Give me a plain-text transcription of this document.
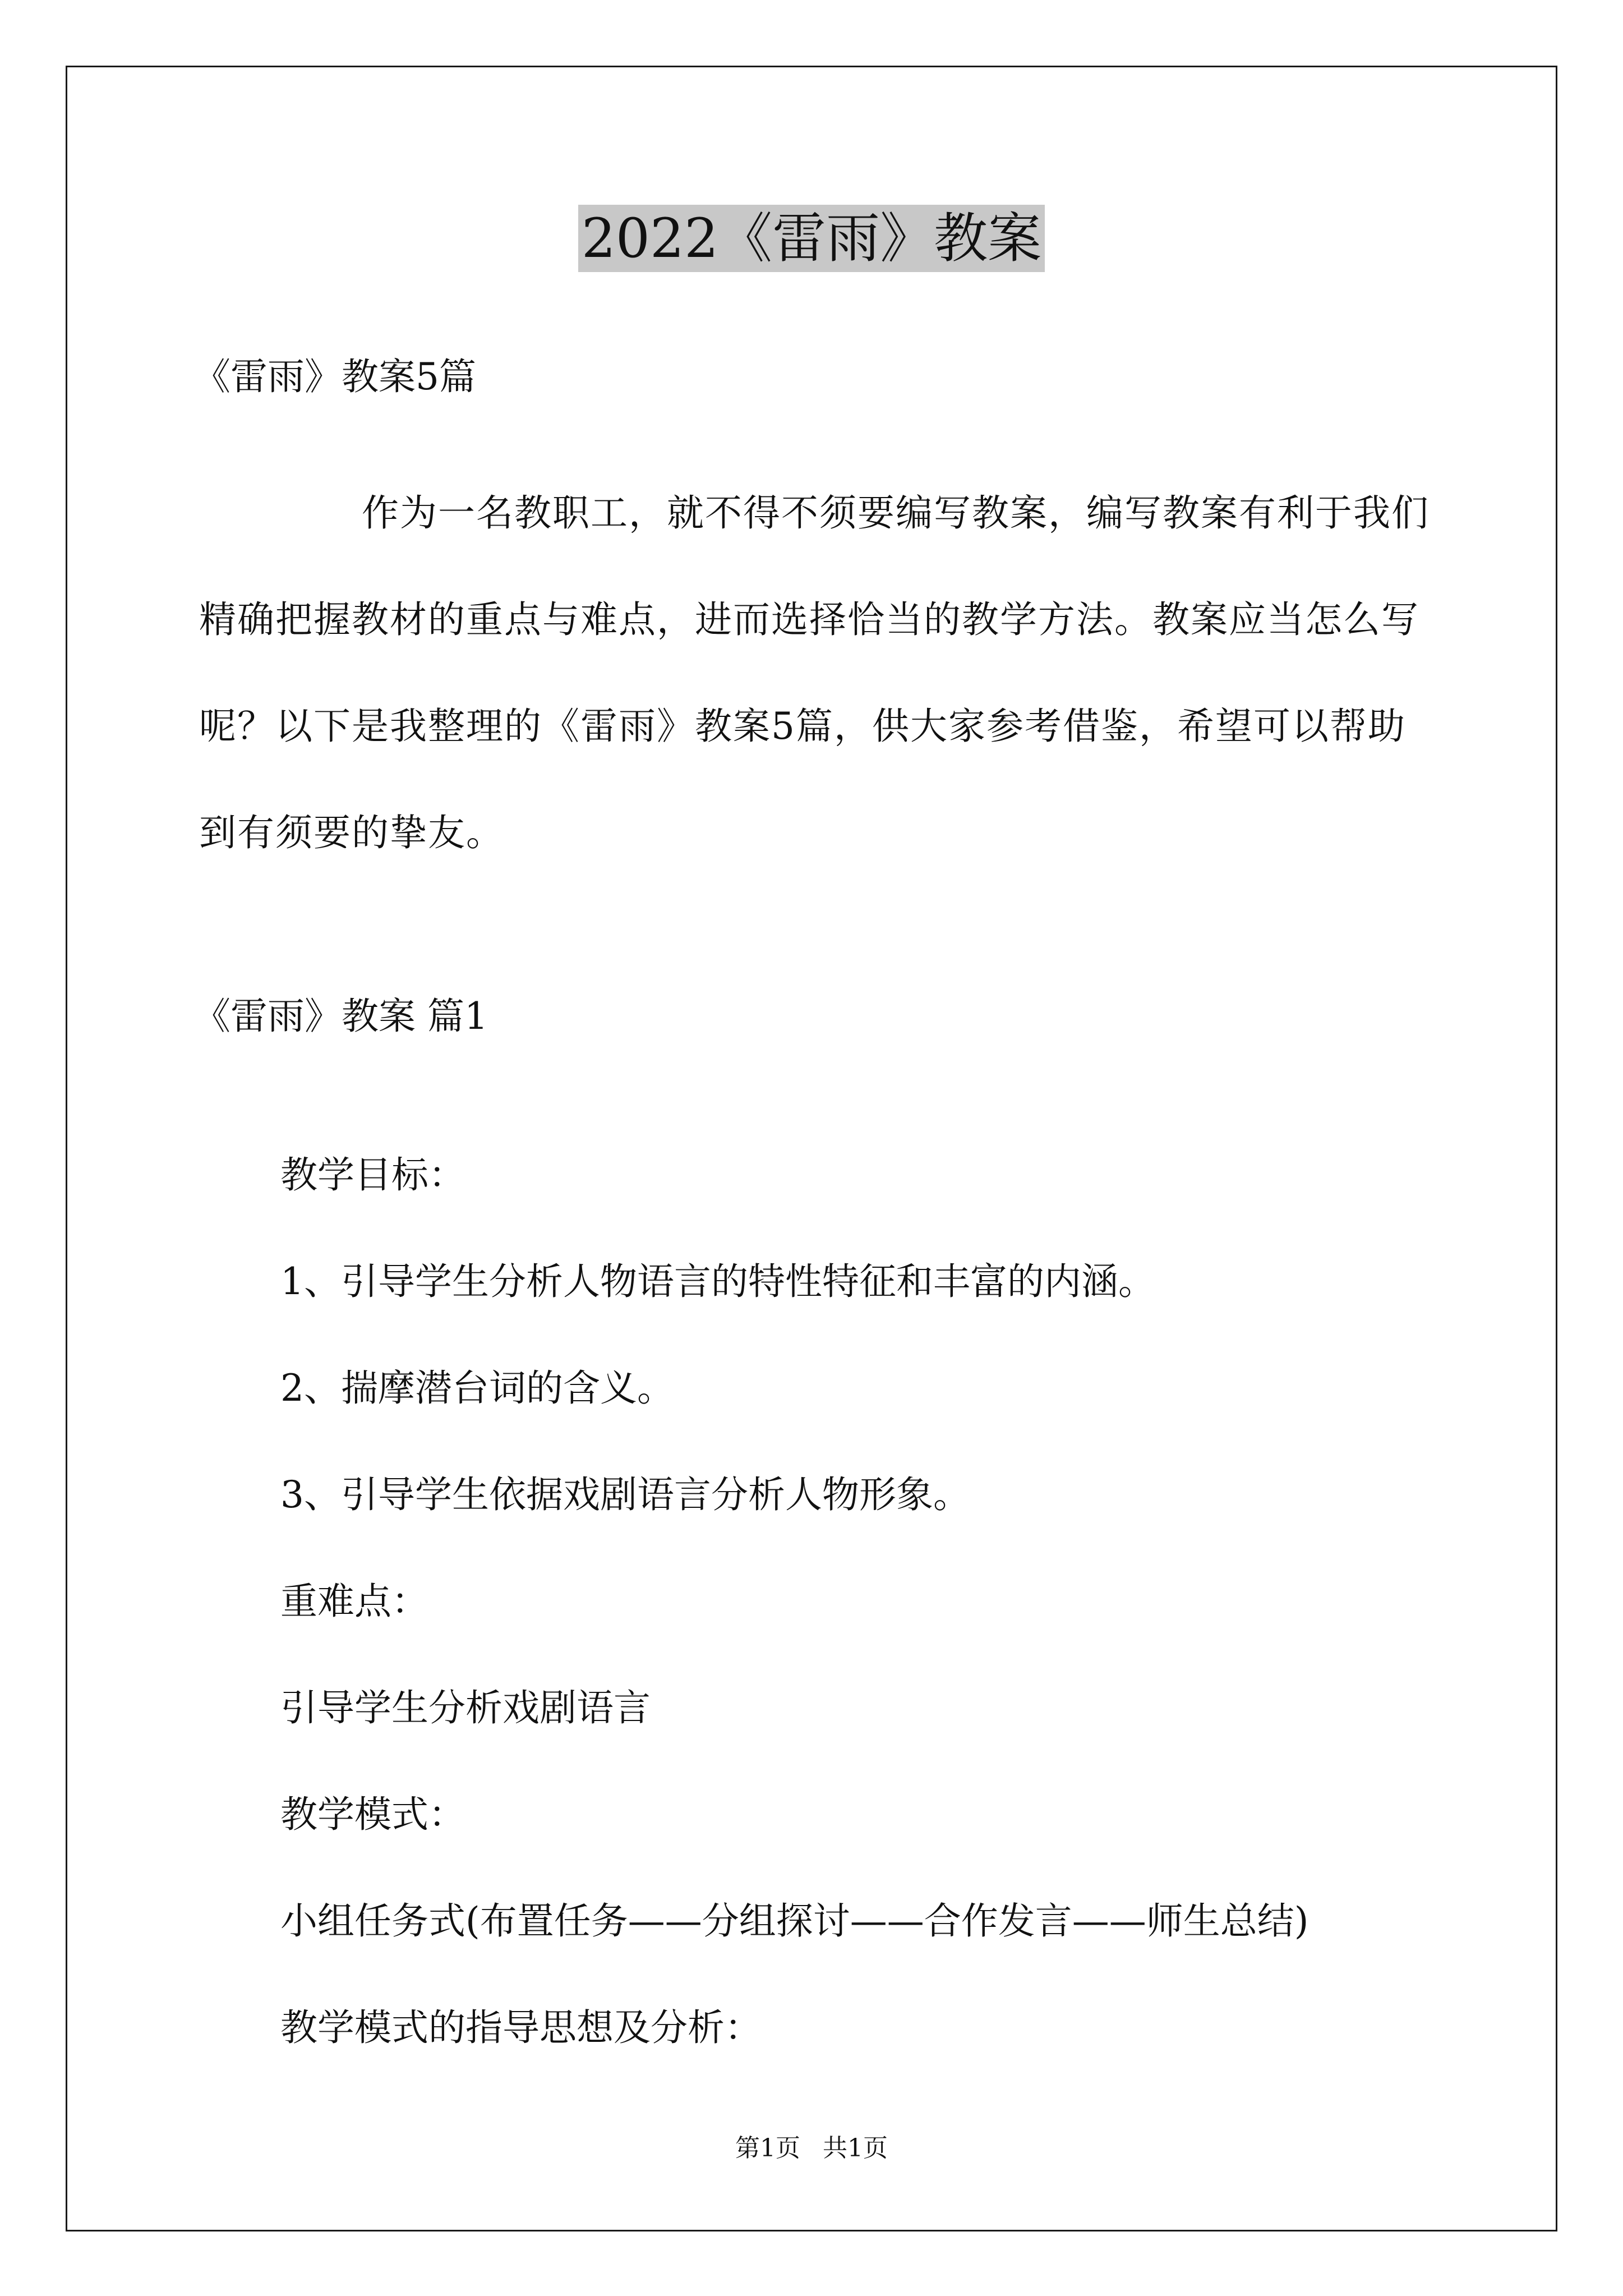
2022《雷雨》教案

《雷雨》教案5篇

作为一名教职工，就不得不须要编写教案，编写教案有利于我们精确把握教材的重点与难点，进而选择恰当的教学方法。教案应当怎么写呢？以下是我整理的《雷雨》教案5篇，供大家参考借鉴，希望可以帮助到有须要的挚友。

《雷雨》教案 篇1

教学目标：

1、引导学生分析人物语言的特性特征和丰富的内涵。

2、揣摩潜台词的含义。

3、引导学生依据戏剧语言分析人物形象。

重难点：

引导学生分析戏剧语言

教学模式：

小组任务式(布置任务——分组探讨——合作发言——师生总结)

教学模式的指导思想及分析：

第1页 共1页
